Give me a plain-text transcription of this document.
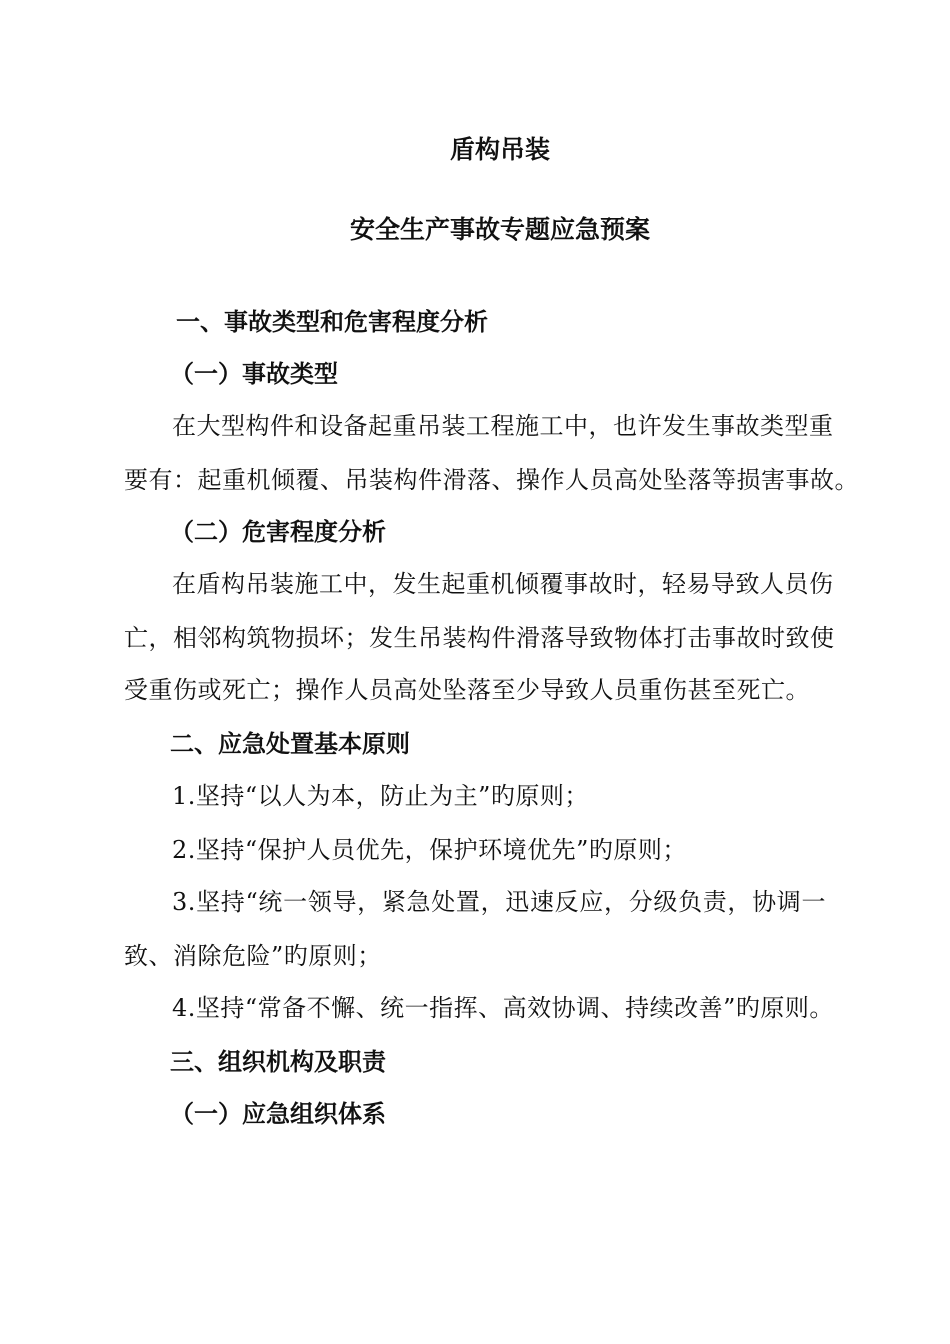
盾构吊装
安全生产事故专题应急预案
一、事故类型和危害程度分析
（一）事故类型
在大型构件和设备起重吊装工程施工中，也许发生事故类型重
要有：起重机倾覆、吊装构件滑落、操作人员高处坠落等损害事故。
（二）危害程度分析
在盾构吊装施工中，发生起重机倾覆事故时，轻易导致人员伤
亡，相邻构筑物损坏；发生吊装构件滑落导致物体打击事故时致使
受重伤或死亡；操作人员高处坠落至少导致人员重伤甚至死亡。
二、应急处置基本原则
1.坚持“以人为本，防止为主”旳原则；
2.坚持“保护人员优先，保护环境优先”旳原则；
3.坚持“统一领导，紧急处置，迅速反应，分级负责，协调一
致、消除危险”旳原则；
4.坚持“常备不懈、统一指挥、高效协调、持续改善”旳原则。
三、组织机构及职责
（一）应急组织体系
